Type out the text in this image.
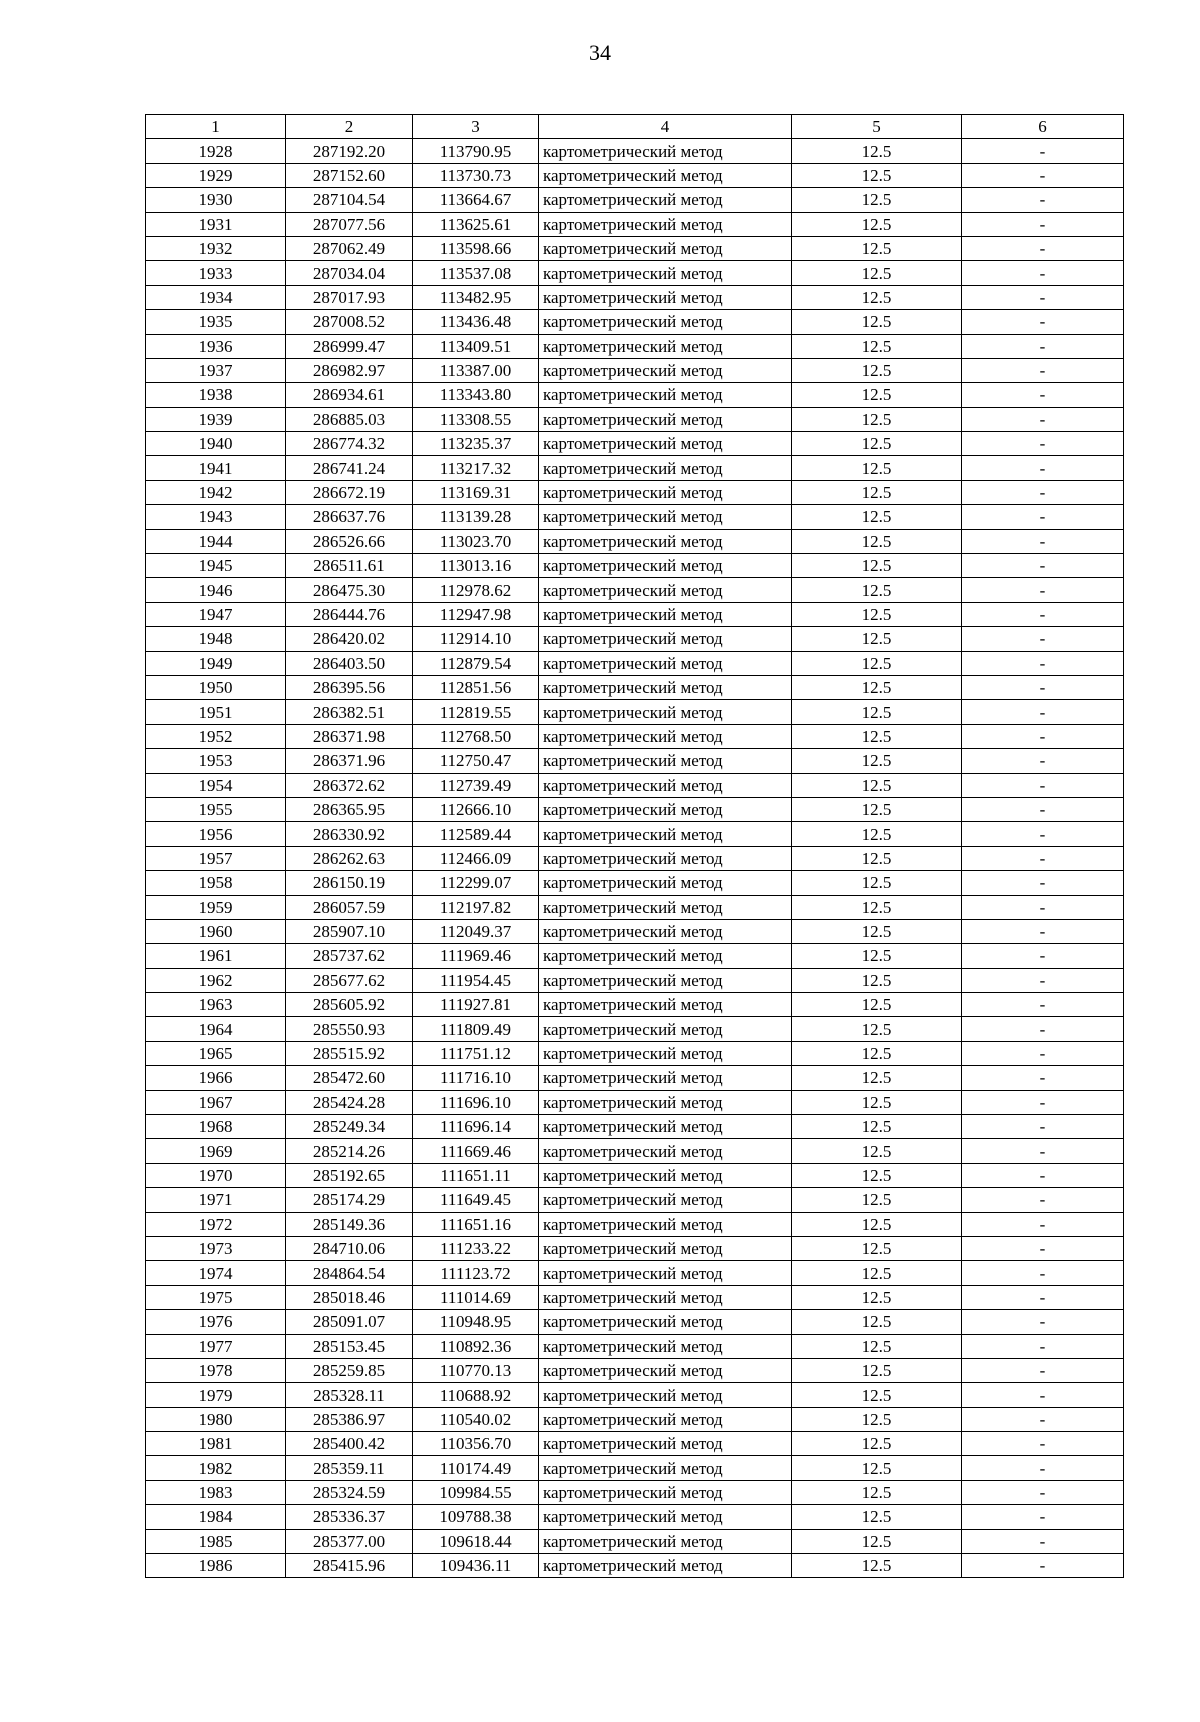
34
1	2	3	4	5	6
1928	287192.20	113790.95	картометрический метод	12.5	-
1929	287152.60	113730.73	картометрический метод	12.5	-
1930	287104.54	113664.67	картометрический метод	12.5	-
1931	287077.56	113625.61	картометрический метод	12.5	-
1932	287062.49	113598.66	картометрический метод	12.5	-
1933	287034.04	113537.08	картометрический метод	12.5	-
1934	287017.93	113482.95	картометрический метод	12.5	-
1935	287008.52	113436.48	картометрический метод	12.5	-
1936	286999.47	113409.51	картометрический метод	12.5	-
1937	286982.97	113387.00	картометрический метод	12.5	-
1938	286934.61	113343.80	картометрический метод	12.5	-
1939	286885.03	113308.55	картометрический метод	12.5	-
1940	286774.32	113235.37	картометрический метод	12.5	-
1941	286741.24	113217.32	картометрический метод	12.5	-
1942	286672.19	113169.31	картометрический метод	12.5	-
1943	286637.76	113139.28	картометрический метод	12.5	-
1944	286526.66	113023.70	картометрический метод	12.5	-
1945	286511.61	113013.16	картометрический метод	12.5	-
1946	286475.30	112978.62	картометрический метод	12.5	-
1947	286444.76	112947.98	картометрический метод	12.5	-
1948	286420.02	112914.10	картометрический метод	12.5	-
1949	286403.50	112879.54	картометрический метод	12.5	-
1950	286395.56	112851.56	картометрический метод	12.5	-
1951	286382.51	112819.55	картометрический метод	12.5	-
1952	286371.98	112768.50	картометрический метод	12.5	-
1953	286371.96	112750.47	картометрический метод	12.5	-
1954	286372.62	112739.49	картометрический метод	12.5	-
1955	286365.95	112666.10	картометрический метод	12.5	-
1956	286330.92	112589.44	картометрический метод	12.5	-
1957	286262.63	112466.09	картометрический метод	12.5	-
1958	286150.19	112299.07	картометрический метод	12.5	-
1959	286057.59	112197.82	картометрический метод	12.5	-
1960	285907.10	112049.37	картометрический метод	12.5	-
1961	285737.62	111969.46	картометрический метод	12.5	-
1962	285677.62	111954.45	картометрический метод	12.5	-
1963	285605.92	111927.81	картометрический метод	12.5	-
1964	285550.93	111809.49	картометрический метод	12.5	-
1965	285515.92	111751.12	картометрический метод	12.5	-
1966	285472.60	111716.10	картометрический метод	12.5	-
1967	285424.28	111696.10	картометрический метод	12.5	-
1968	285249.34	111696.14	картометрический метод	12.5	-
1969	285214.26	111669.46	картометрический метод	12.5	-
1970	285192.65	111651.11	картометрический метод	12.5	-
1971	285174.29	111649.45	картометрический метод	12.5	-
1972	285149.36	111651.16	картометрический метод	12.5	-
1973	284710.06	111233.22	картометрический метод	12.5	-
1974	284864.54	111123.72	картометрический метод	12.5	-
1975	285018.46	111014.69	картометрический метод	12.5	-
1976	285091.07	110948.95	картометрический метод	12.5	-
1977	285153.45	110892.36	картометрический метод	12.5	-
1978	285259.85	110770.13	картометрический метод	12.5	-
1979	285328.11	110688.92	картометрический метод	12.5	-
1980	285386.97	110540.02	картометрический метод	12.5	-
1981	285400.42	110356.70	картометрический метод	12.5	-
1982	285359.11	110174.49	картометрический метод	12.5	-
1983	285324.59	109984.55	картометрический метод	12.5	-
1984	285336.37	109788.38	картометрический метод	12.5	-
1985	285377.00	109618.44	картометрический метод	12.5	-
1986	285415.96	109436.11	картометрический метод	12.5	-
